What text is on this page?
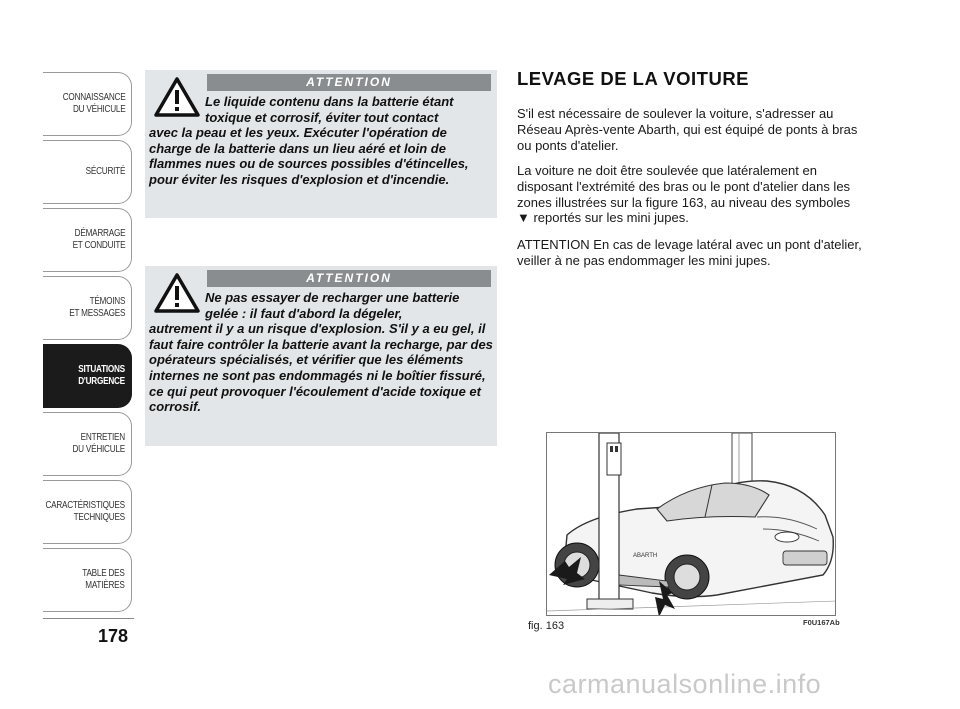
CONNAISSANCE
DU VÉHICULE
SÉCURITÉ
DÉMARRAGE
ET CONDUITE
TÉMOINS
ET MESSAGES
SITUATIONS
D'URGENCE
ENTRETIEN
DU VÉHICULE
CARACTÉRISTIQUES
TECHNIQUES
TABLE DES
MATIÈRES
178
ATTENTION
Le liquide contenu dans la batterie étant toxique et corrosif, éviter tout contact
avec la peau et les yeux. Exécuter l'opération de charge de la batterie dans un lieu aéré et loin de flammes nues ou de sources possibles d'étincelles, pour éviter les risques d'explosion et d'incendie.
ATTENTION
Ne pas essayer de recharger une batterie gelée : il faut d'abord la dégeler,
autrement il y a un risque d'explosion. S'il y a eu gel, il faut faire contrôler la batterie avant la recharge, par des opérateurs spécialisés, et vérifier que les éléments internes ne sont pas endommagés ni le boîtier fissuré, ce qui peut provoquer l'écoulement d'acide toxique et corrosif.
LEVAGE DE LA VOITURE
S'il est nécessaire de soulever la voiture, s'adresser au Réseau Après-vente Abarth, qui est équipé de ponts à bras ou ponts d'atelier.
La voiture ne doit être soulevée que latéralement en disposant l'extrémité des bras ou le pont d'atelier dans les zones illustrées sur la figure 163, au niveau des symboles ▼ reportés sur les mini jupes.
ATTENTION En cas de levage latéral avec un pont d'atelier, veiller à ne pas endommager les mini jupes.
ABARTH
fig. 163	F0U167Ab
carmanualsonline.info
